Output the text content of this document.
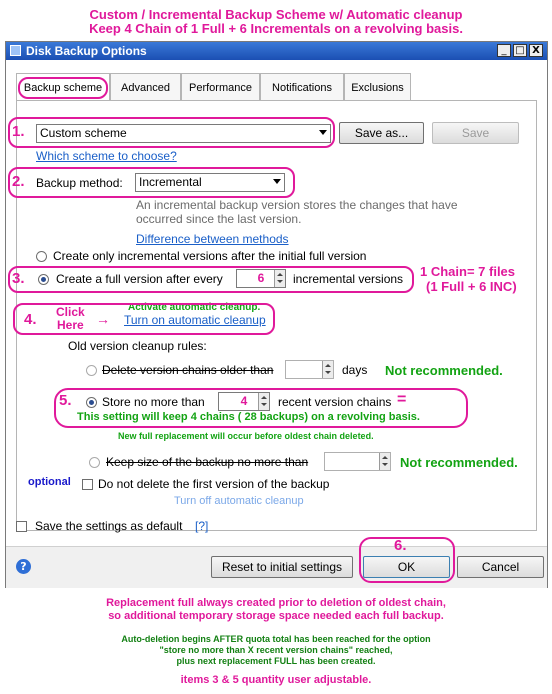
Custom / Incremental Backup Scheme w/ Automatic cleanup
Keep 4 Chain of 1 Full + 6 Incrementals on a revolving basis.
Disk Backup Options	_ □ X
Backup scheme	Advanced	Performance	Notifications	Exclusions
1.	Custom scheme	Save as...	Save
Which scheme to choose?
2. Backup method:	Incremental
An incremental backup version stores the changes that have occurred since the last version.
Difference between methods
Create only incremental versions after the initial full version
3.	Create a full version after every	6	incremental versions 1 Chain= 7 files
(1 Full + 6 INC)
Activate automatic cleanup.
4. Click
Here → Turn on automatic cleanup
Old version cleanup rules:
Delete version chains older than	days Not recommended.
5.	Store no more than	4	recent version chains =
This setting will keep 4 chains ( 28 backups) on a revolving basis.
New full replacement will occur before oldest chain deleted.
Keep size of the backup no more than	Not recommended.
optional Do not delete the first version of the backup
Turn off automatic cleanup
Save the settings as default [?]
?	Reset to initial settings
6.
OK	Cancel
Replacement full always created prior to deletion of oldest chain,
so additional temporary storage space needed each full backup.
Auto-deletion begins AFTER quota total has been reached for the option
"store no more than X recent version chains" reached,
plus next replacement FULL has been created.
items 3 & 5 quantity user adjustable.
